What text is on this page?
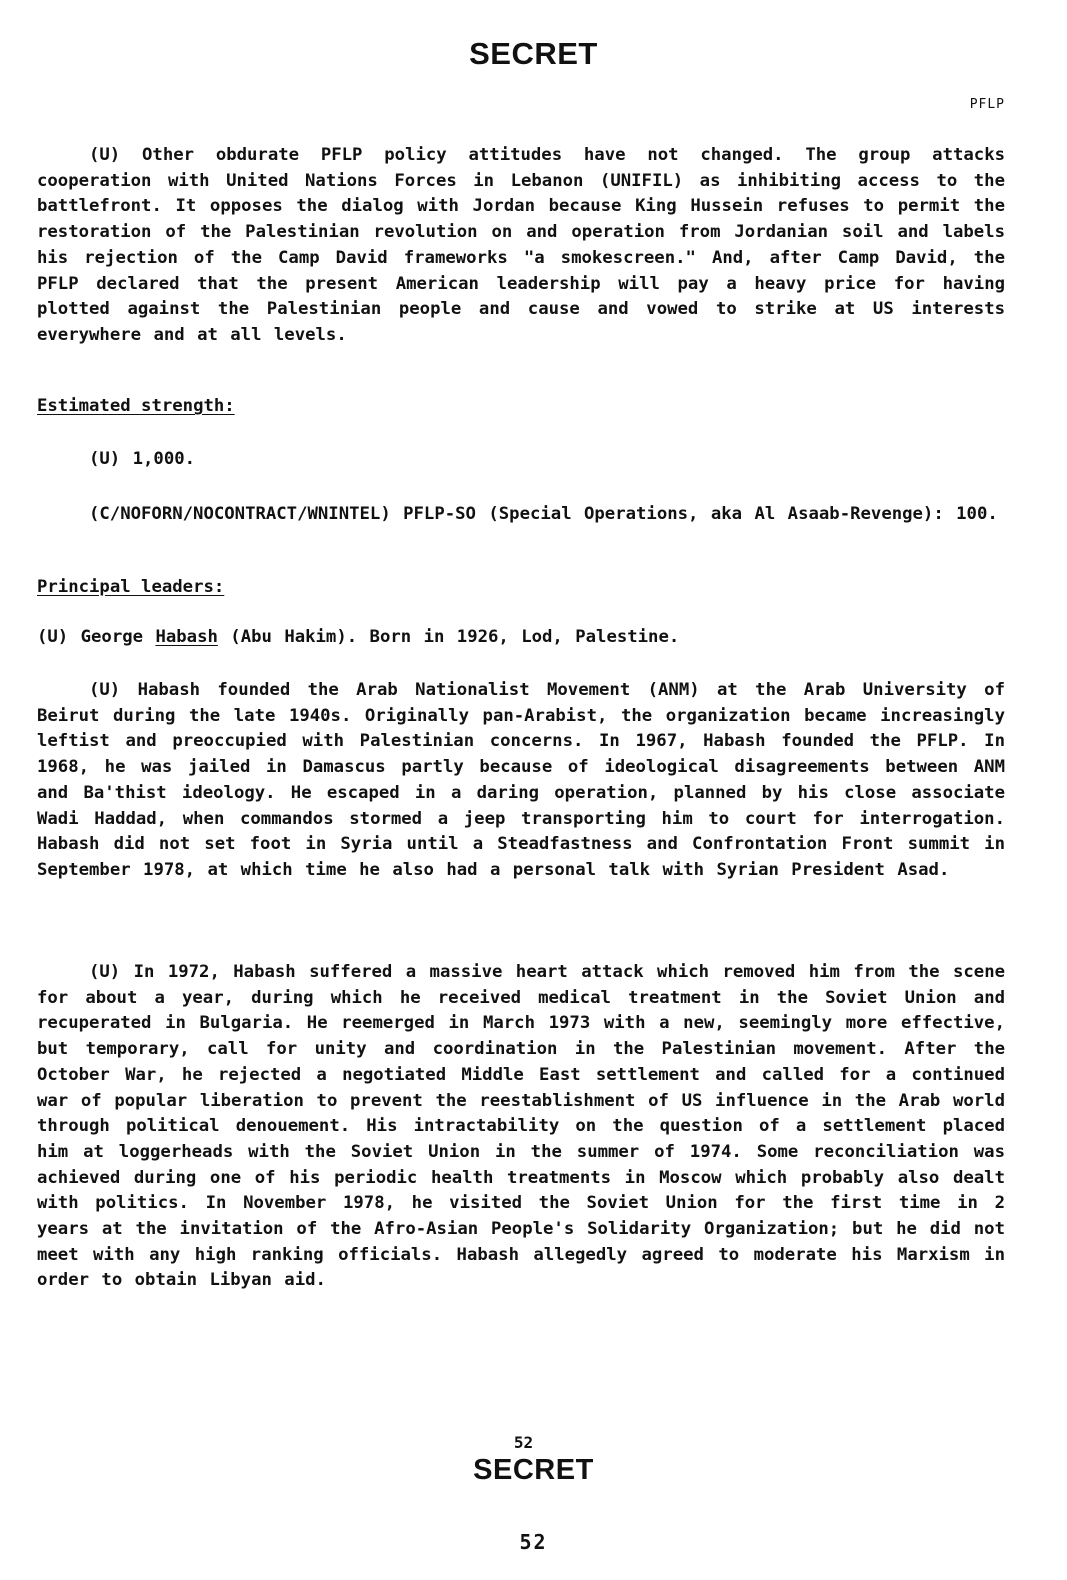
SECRET
PFLP

(U) Other obdurate PFLP policy attitudes have not changed. The group attacks cooperation with United Nations Forces in Lebanon (UNIFIL) as inhibiting access to the battlefront. It opposes the dialog with Jordan because King Hussein refuses to permit the restoration of the Palestinian revolution on and operation from Jordanian soil and labels his rejection of the Camp David frameworks "a smokescreen." And, after Camp David, the PFLP declared that the present American leadership will pay a heavy price for having plotted against the Palestinian people and cause and vowed to strike at US interests everywhere and at all levels.

Estimated strength:
(U) 1,000.

(C/NOFORN/NOCONTRACT/WNINTEL) PFLP-SO (Special Operations, aka Al Asaab-Revenge): 100.

Principal leaders:
(U) George Habash (Abu Hakim). Born in 1926, Lod, Palestine.

(U) Habash founded the Arab Nationalist Movement (ANM) at the Arab University of Beirut during the late 1940s. Originally pan-Arabist, the organization became increasingly leftist and preoccupied with Palestinian concerns. In 1967, Habash founded the PFLP. In 1968, he was jailed in Damascus partly because of ideological disagreements between ANM and Ba'thist ideology. He escaped in a daring operation, planned by his close associate Wadi Haddad, when commandos stormed a jeep transporting him to court for interrogation. Habash did not set foot in Syria until a Steadfastness and Confrontation Front summit in September 1978, at which time he also had a personal talk with Syrian President Asad.

(U) In 1972, Habash suffered a massive heart attack which removed him from the scene for about a year, during which he received medical treatment in the Soviet Union and recuperated in Bulgaria. He reemerged in March 1973 with a new, seemingly more effective, but temporary, call for unity and coordination in the Palestinian movement. After the October War, he rejected a negotiated Middle East settlement and called for a continued war of popular liberation to prevent the reestablishment of US influence in the Arab world through political denouement. His intractability on the question of a settlement placed him at loggerheads with the Soviet Union in the summer of 1974. Some reconciliation was achieved during one of his periodic health treatments in Moscow which probably also dealt with politics. In November 1978, he visited the Soviet Union for the first time in 2 years at the invitation of the Afro-Asian People's Solidarity Organization; but he did not meet with any high ranking officials. Habash allegedly agreed to moderate his Marxism in order to obtain Libyan aid.

52
SECRET
52
